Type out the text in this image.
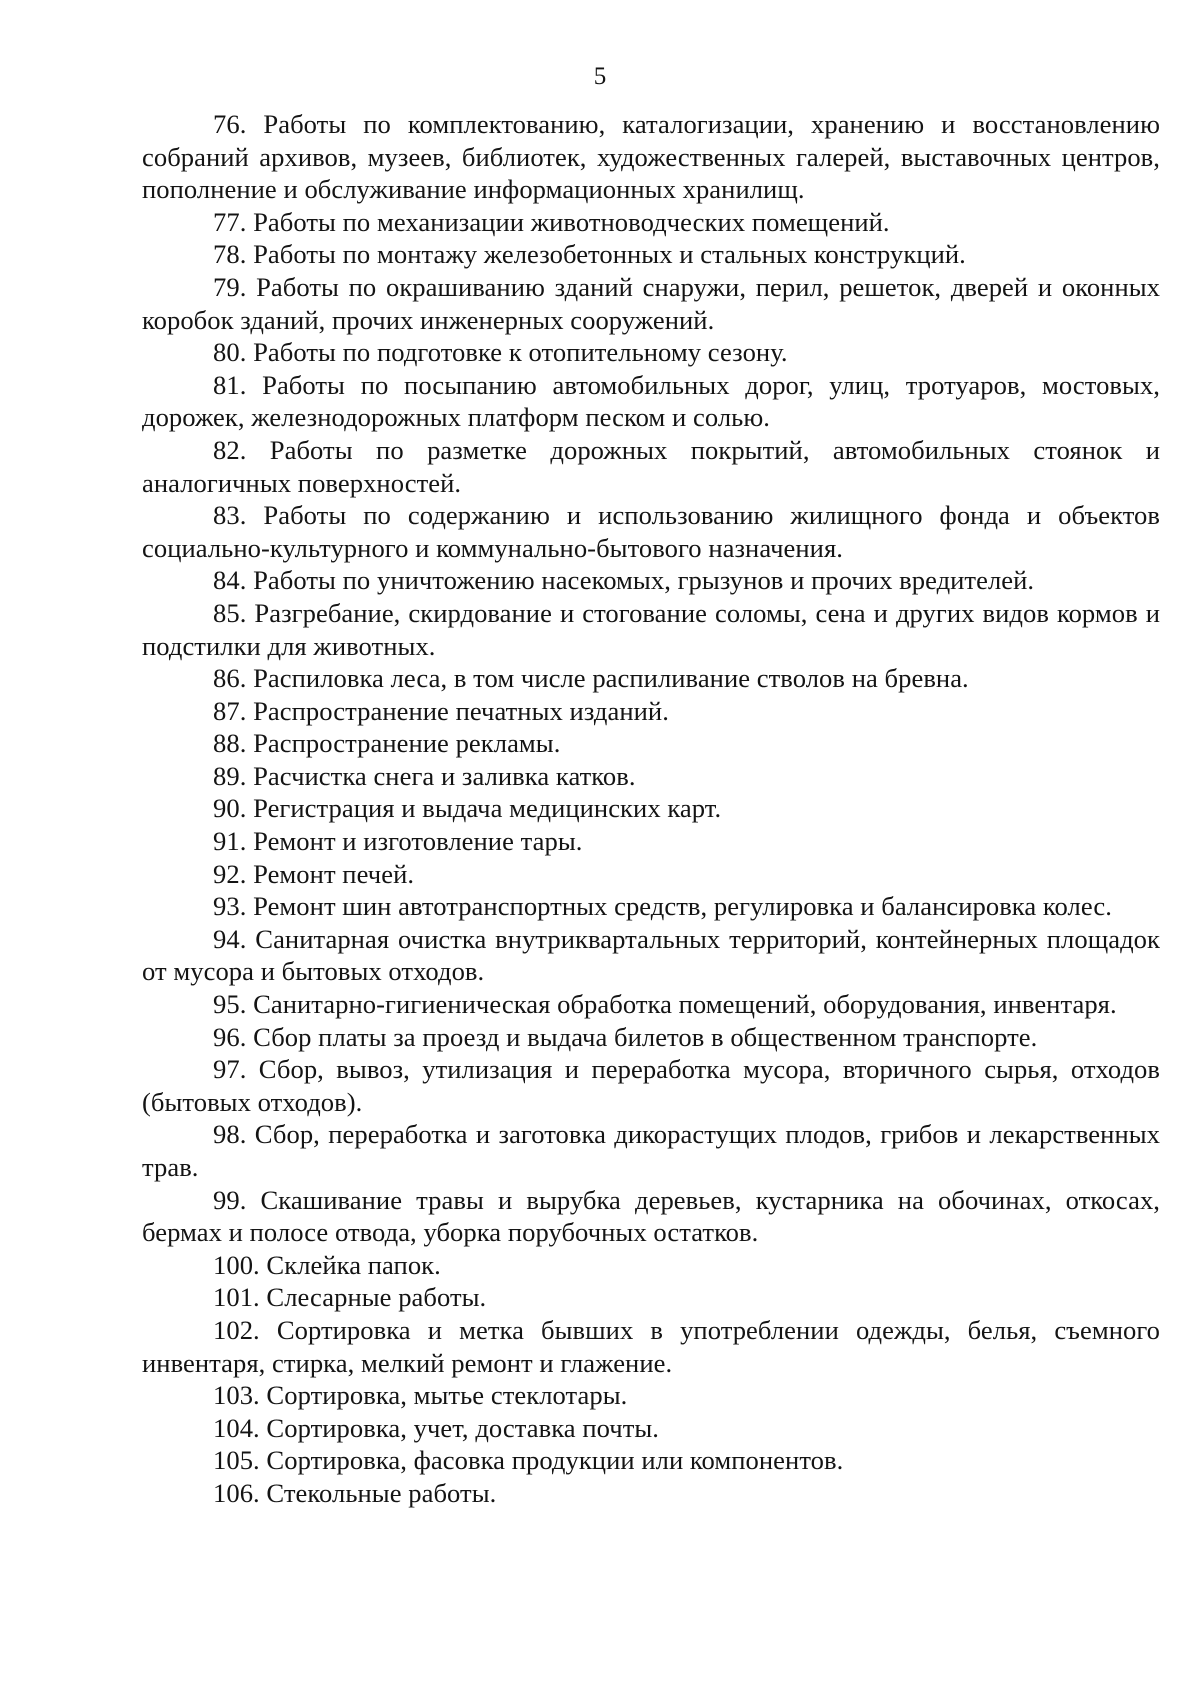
5

76. Работы по комплектованию, каталогизации, хранению и восстановлению собраний архивов, музеев, библиотек, художественных галерей, выставочных центров, пополнение и обслуживание информационных хранилищ.

77. Работы по механизации животноводческих помещений.

78. Работы по монтажу железобетонных и стальных конструкций.

79. Работы по окрашиванию зданий снаружи, перил, решеток, дверей и оконных коробок зданий, прочих инженерных сооружений.

80. Работы по подготовке к отопительному сезону.

81. Работы по посыпанию автомобильных дорог, улиц, тротуаров, мостовых, дорожек, железнодорожных платформ песком и солью.

82. Работы по разметке дорожных покрытий, автомобильных стоянок и аналогичных поверхностей.

83. Работы по содержанию и использованию жилищного фонда и объектов социально-культурного и коммунально-бытового назначения.

84. Работы по уничтожению насекомых, грызунов и прочих вредителей.

85. Разгребание, скирдование и стогование соломы, сена и других видов кормов и подстилки для животных.

86. Распиловка леса, в том числе распиливание стволов на бревна.

87. Распространение печатных изданий.

88. Распространение рекламы.

89. Расчистка снега и заливка катков.

90. Регистрация и выдача медицинских карт.

91. Ремонт и изготовление тары.

92. Ремонт печей.

93. Ремонт шин автотранспортных средств, регулировка и балансировка колес.

94. Санитарная очистка внутриквартальных территорий, контейнерных площадок от мусора и бытовых отходов.

95. Санитарно-гигиеническая обработка помещений, оборудования, инвентаря.

96. Сбор платы за проезд и выдача билетов в общественном транспорте.

97. Сбор, вывоз, утилизация и переработка мусора, вторичного сырья, отходов (бытовых отходов).

98. Сбор, переработка и заготовка дикорастущих плодов, грибов и лекарственных трав.

99. Скашивание травы и вырубка деревьев, кустарника на обочинах, откосах, бермах и полосе отвода, уборка порубочных остатков.

100. Склейка папок.

101. Слесарные работы.

102. Сортировка и метка бывших в употреблении одежды, белья, съемного инвентаря, стирка, мелкий ремонт и глажение.

103. Сортировка, мытье стеклотары.

104. Сортировка, учет, доставка почты.

105. Сортировка, фасовка продукции или компонентов.

106. Стекольные работы.
